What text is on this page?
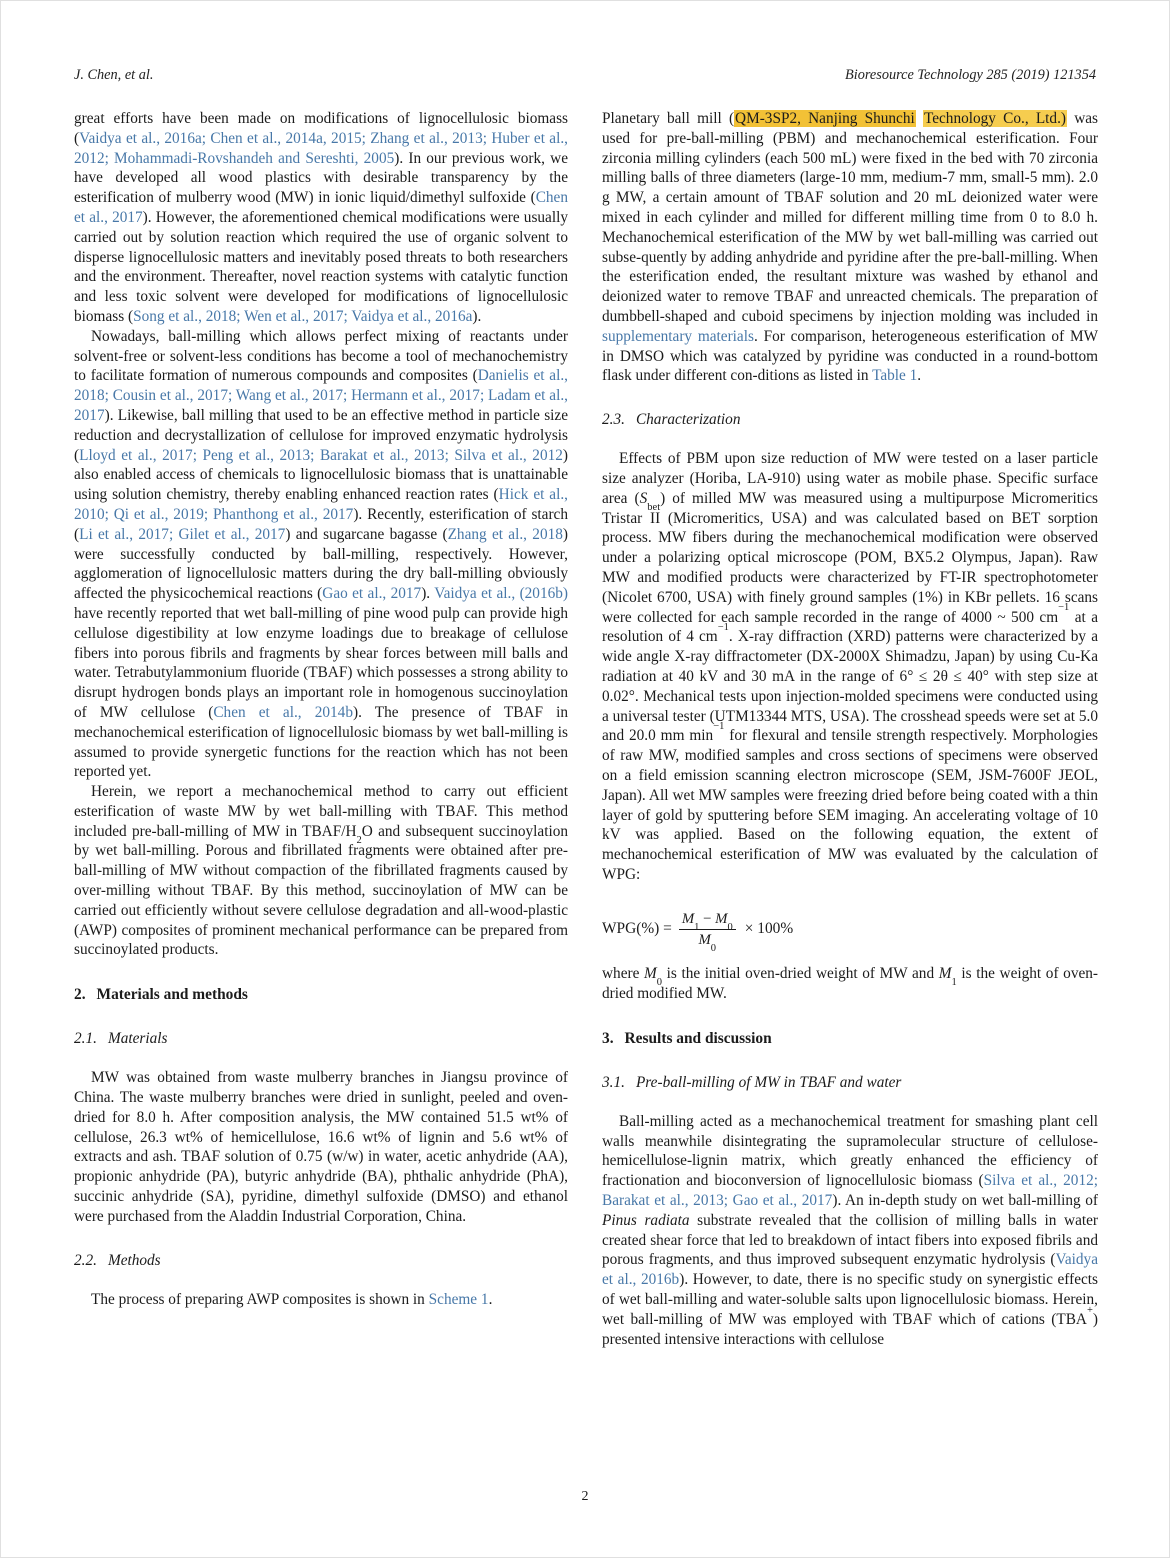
J. Chen, et al.	Bioresource Technology 285 (2019) 121354

great efforts have been made on modifications of lignocellulosic biomass (Vaidya et al., 2016a; Chen et al., 2014a, 2015; Zhang et al., 2013; Huber et al., 2012; Mohammadi-Rovshandeh and Sereshti, 2005). In our previous work, we have developed all wood plastics with desirable transparency by the esterification of mulberry wood (MW) in ionic liquid/dimethyl sulfoxide (Chen et al., 2017). However, the aforementioned chemical modifications were usually carried out by solution reaction which required the use of organic solvent to disperse lignocellulosic matters and inevitably posed threats to both researchers and the environment. Thereafter, novel reaction systems with catalytic function and less toxic solvent were developed for modifications of lignocellulosic biomass (Song et al., 2018; Wen et al., 2017; Vaidya et al., 2016a).

Nowadays, ball-milling which allows perfect mixing of reactants under solvent-free or solvent-less conditions has become a tool of mechanochemistry to facilitate formation of numerous compounds and composites (Danielis et al., 2018; Cousin et al., 2017; Wang et al., 2017; Hermann et al., 2017; Ladam et al., 2017). Likewise, ball milling that used to be an effective method in particle size reduction and decrystallization of cellulose for improved enzymatic hydrolysis (Lloyd et al., 2017; Peng et al., 2013; Barakat et al., 2013; Silva et al., 2012) also enabled access of chemicals to lignocellulosic biomass that is unattainable using solution chemistry, thereby enabling enhanced reaction rates (Hick et al., 2010; Qi et al., 2019; Phanthong et al., 2017). Recently, esterification of starch (Li et al., 2017; Gilet et al., 2017) and sugarcane bagasse (Zhang et al., 2018) were successfully conducted by ball-milling, respectively. However, agglomeration of lignocellulosic matters during the dry ball-milling obviously affected the physicochemical reactions (Gao et al., 2017). Vaidya et al., (2016b) have recently reported that wet ball-milling of pine wood pulp can provide high cellulose digestibility at low enzyme loadings due to breakage of cellulose fibers into porous fibrils and fragments by shear forces between mill balls and water. Tetrabutylammonium fluoride (TBAF) which possesses a strong ability to disrupt hydrogen bonds plays an important role in homogenous succinoylation of MW cellulose (Chen et al., 2014b). The presence of TBAF in mechanochemical esterification of lignocellulosic biomass by wet ball-milling is assumed to provide synergetic functions for the reaction which has not been reported yet.

Herein, we report a mechanochemical method to carry out efficient esterification of waste MW by wet ball-milling with TBAF. This method included pre-ball-milling of MW in TBAF/$H_2O$ and subsequent succinoylation by wet ball-milling. Porous and fibrillated fragments were obtained after pre-ball-milling of MW without compaction of the fibrillated fragments caused by over-milling without TBAF. By this method, succinoylation of MW can be carried out efficiently without severe cellulose degradation and all-wood-plastic (AWP) composites of prominent mechanical performance can be prepared from succinoylated products.

2. Materials and methods
2.1. Materials

MW was obtained from waste mulberry branches in Jiangsu province of China. The waste mulberry branches were dried in sunlight, peeled and oven-dried for 8.0 h. After composition analysis, the MW contained 51.5 wt% of cellulose, 26.3 wt% of hemicellulose, 16.6 wt% of lignin and 5.6 wt% of extracts and ash. TBAF solution of 0.75 (w/w) in water, acetic anhydride (AA), propionic anhydride (PA), butyric anhydride (BA), phthalic anhydride (PhA), succinic anhydride (SA), pyridine, dimethyl sulfoxide (DMSO) and ethanol were purchased from the Aladdin Industrial Corporation, China.

2.2. Methods

The process of preparing AWP composites is shown in Scheme 1.

Planetary ball mill (QM-3SP2, Nanjing Shunchi Technology Co., Ltd.) was used for pre-ball-milling (PBM) and mechanochemical esterification. Four zirconia milling cylinders (each 500 mL) were fixed in the bed with 70 zirconia milling balls of three diameters (large-10 mm, medium-7 mm, small-5 mm). 2.0 g MW, a certain amount of TBAF solution and 20 mL deionized water were mixed in each cylinder and milled for different milling time from 0 to 8.0 h. Mechanochemical esterification of the MW by wet ball-milling was carried out subse-quently by adding anhydride and pyridine after the pre-ball-milling. When the esterification ended, the resultant mixture was washed by ethanol and deionized water to remove TBAF and unreacted chemicals. The preparation of dumbbell-shaped and cuboid specimens by injection molding was included in supplementary materials. For comparison, heterogeneous esterification of MW in DMSO which was catalyzed by pyridine was conducted in a round-bottom flask under different con-ditions as listed in Table 1.

2.3. Characterization

Effects of PBM upon size reduction of MW were tested on a laser particle size analyzer (Horiba, LA-910) using water as mobile phase. Specific surface area $(S_{bet})$ of milled MW was measured using a multipurpose Micromeritics Tristar II (Micromeritics, USA) and was calculated based on BET sorption process. MW fibers during the mechanochemical modification were observed under a polarizing optical microscope (POM, BX5.2 Olympus, Japan). Raw MW and modified products were characterized by FT-IR spectrophotometer (Nicolet 6700, USA) with finely ground samples (1%) in KBr pellets. 16 scans were collected for each sample recorded in the range of 4000 ~ 500 $cm^{-1}$ at a resolution of 4 $cm^{-1}$. X-ray diffraction (XRD) patterns were characterized by a wide angle X-ray diffractometer (DX-2000X Shimadzu, Japan) by using Cu-Ka radiation at 40 kV and 30 mA in the range of 6° ≤ 2θ ≤ 40° with step size at 0.02°. Mechanical tests upon injection-molded specimens were conducted using a universal tester (UTM13344 MTS, USA). The crosshead speeds were set at 5.0 and 20.0 mm $\min^{-1}$ for flexural and tensile strength respectively. Morphologies of raw MW, modified samples and cross sections of specimens were observed on a field emission scanning electron microscope (SEM, JSM-7600F JEOL, Japan). All wet MW samples were freezing dried before being coated with a thin layer of gold by sputtering before SEM imaging. An accelerating voltage of 10 kV was applied. Based on the following equation, the extent of mechanochemical esterification of MW was evaluated by the calculation of WPG:

$WPG(\%) = \frac{M_1 - M_0}{M_0} \times 100\%$

where $M_0$ is the initial oven-dried weight of MW and $M_1$ is the weight of oven-dried modified MW.

3. Results and discussion
3.1. Pre-ball-milling of MW in TBAF and water

Ball-milling acted as a mechanochemical treatment for smashing plant cell walls meanwhile disintegrating the supramolecular structure of cellulose-hemicellulose-lignin matrix, which greatly enhanced the efficiency of fractionation and bioconversion of lignocellulosic biomass (Silva et al., 2012; Barakat et al., 2013; Gao et al., 2017). An in-depth study on wet ball-milling of Pinus radiata substrate revealed that the collision of milling balls in water created shear force that led to breakdown of intact fibers into exposed fibrils and porous fragments, and thus improved subsequent enzymatic hydrolysis (Vaidya et al., 2016b). However, to date, there is no specific study on synergistic effects of wet ball-milling and water-soluble salts upon lignocellulosic biomass. Herein, wet ball-milling of MW was employed with TBAF which of cations (TBA+) presented intensive interactions with cellulose

2
